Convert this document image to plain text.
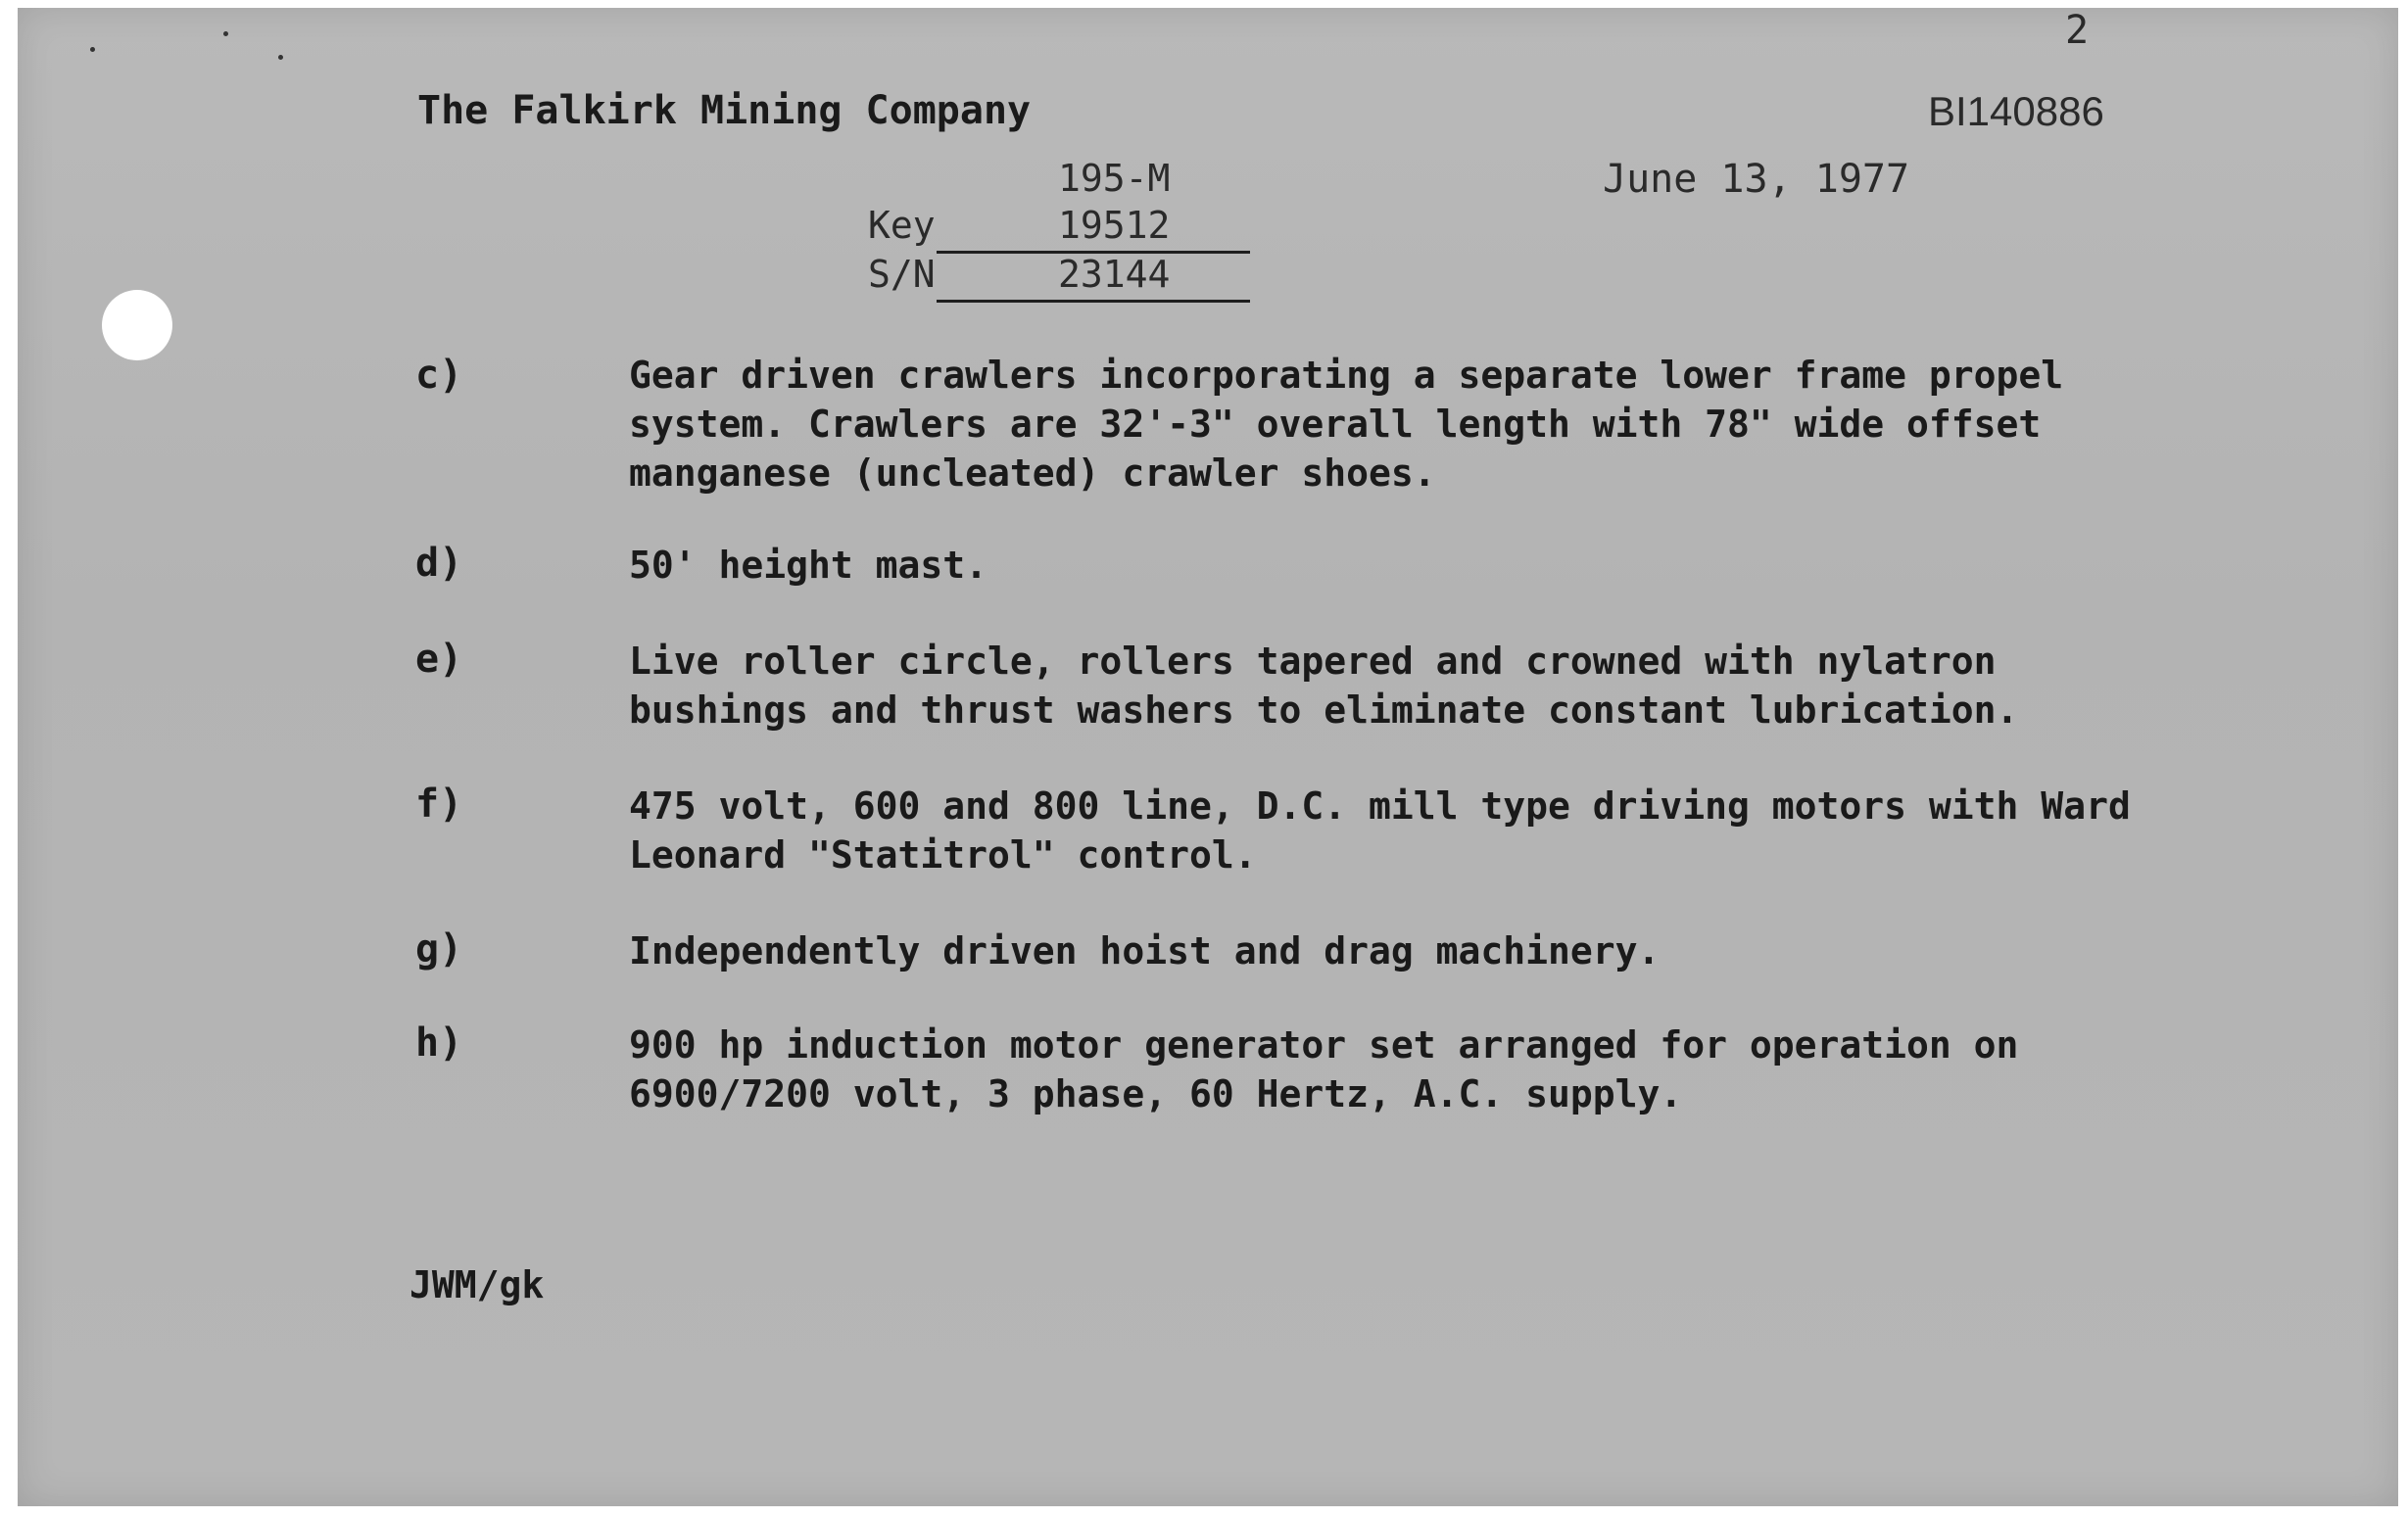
2
The Falkirk Mining Company	BI140886
195-M	June 13, 1977
Key	19512
S/N	23144
c)	Gear driven crawlers incorporating a separate lower frame propel system. Crawlers are 32'-3" overall length with 78" wide offset manganese (uncleated) crawler shoes.
d)	50' height mast.
e)	Live roller circle, rollers tapered and crowned with nylatron bushings and thrust washers to eliminate constant lubrication.
f)	475 volt, 600 and 800 line, D.C. mill type driving motors with Ward Leonard "Statitrol" control.
g)	Independently driven hoist and drag machinery.
h)	900 hp induction motor generator set arranged for operation on 6900/7200 volt, 3 phase, 60 Hertz, A.C. supply.
JWM/gk
